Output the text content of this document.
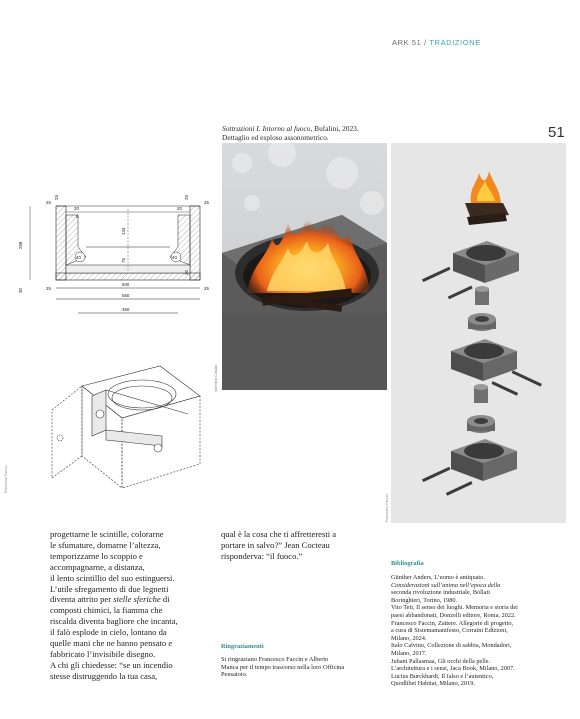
ARK 51 / TRADIZIONE
51
Sottrazioni I. Intorno al fuoco, Bufalini, 2023.
Dettaglio ed esploso assonometrico.
Valentina Cataldo
Francesco Faccin
25	25
20	20
5
25	25
258
30
133
75
40	40
20
25	25
500
550
350
Francesco Faccin

progettarne le scintille, colorarne

le sfumature, domarne l’altezza,

temporizzarne lo scoppio e

accompagnarne, a distanza,

il lento scintillio del suo estinguersi.

L’utile sfregamento di due legnetti

diventa attrito per stelle sferiche di

composti chimici, la fiamma che

riscalda diventa bagliore che incanta,

il falò esplode in cielo, lontano da

quelle mani che ne hanno pensato e

fabbricato l’invisibile disegno.

A chi gli chiedesse: “se un incendio

stesse distruggendo la tua casa,

qual è la cosa che ti affretteresti a

portare in salvo?” Jean Cocteau

risponderva: “il fuoco.”

Ringraziamenti
Si ringraziano Francesco Faccin e Alberto
Manca per il tempo trascorso nella loro Officina
Pensatoio.
Bibliografia
Günther Anders, L’uomo è antiquato.
Considerazioni sull’anima nell’epoca della
seconda rivoluzione industriale, Bollati
Boringhieri, Torino, 1980.
Vito Teti, Il senso dei luoghi. Memoria e storia dei
paesi abbandonati, Donzelli editore, Roma, 2022.
Francesco Faccin, Zattere. Allegorie di progetto,
a cura di Sistemamanifesto, Corraini Edizioni,
Milano, 2024.
Italo Calvino, Collezione di sabbia, Mondadori,
Milano, 2017.
Juhani Pallasmaa, Gli occhi della pelle.
L’architettura e i sensi, Jaca Book, Milano, 2007.
Lucius Burckhardt, Il falso e l’autentico,
Quodlibet Habitat, Milano, 2019.
